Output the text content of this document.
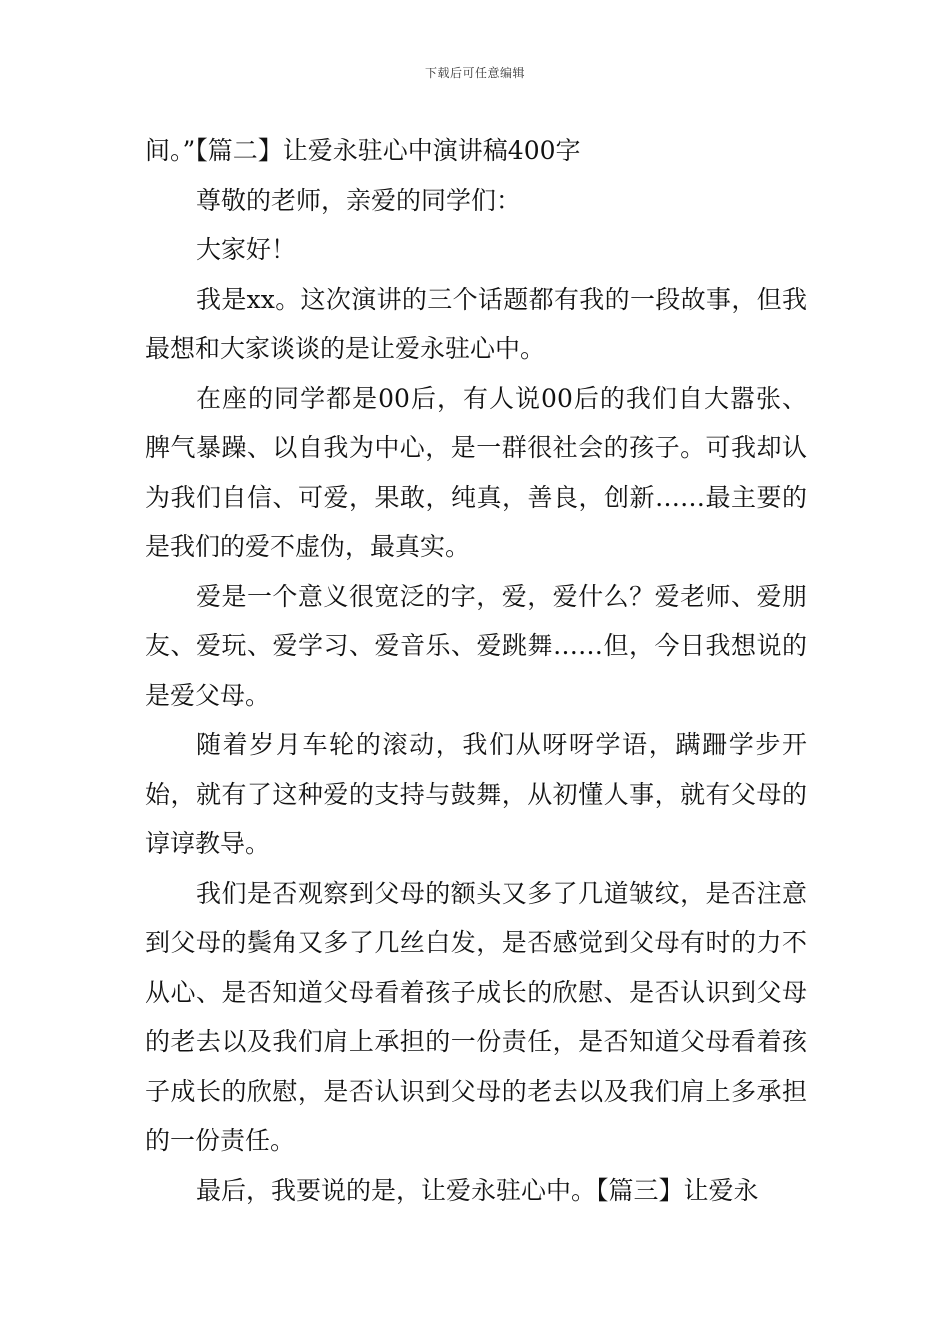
下载后可任意编辑

间。”【篇二】让爱永驻心中演讲稿400字

尊敬的老师，亲爱的同学们：

大家好！

我是xx。这次演讲的三个话题都有我的一段故事，但我最想和大家谈谈的是让爱永驻心中。

在座的同学都是00后，有人说00后的我们自大嚣张、脾气暴躁、以自我为中心，是一群很社会的孩子。可我却认为我们自信、可爱，果敢，纯真，善良，创新……最主要的是我们的爱不虚伪，最真实。

爱是一个意义很宽泛的字，爱，爱什么？爱老师、爱朋友、爱玩、爱学习、爱音乐、爱跳舞……但，今日我想说的是爱父母。

随着岁月车轮的滚动，我们从呀呀学语，蹒跚学步开始，就有了这种爱的支持与鼓舞，从初懂人事，就有父母的谆谆教导。

我们是否观察到父母的额头又多了几道皱纹，是否注意到父母的鬓角又多了几丝白发，是否感觉到父母有时的力不从心、是否知道父母看着孩子成长的欣慰、是否认识到父母的老去以及我们肩上承担的一份责任，是否知道父母看着孩子成长的欣慰，是否认识到父母的老去以及我们肩上多承担的一份责任。

最后，我要说的是，让爱永驻心中。【篇三】让爱永
